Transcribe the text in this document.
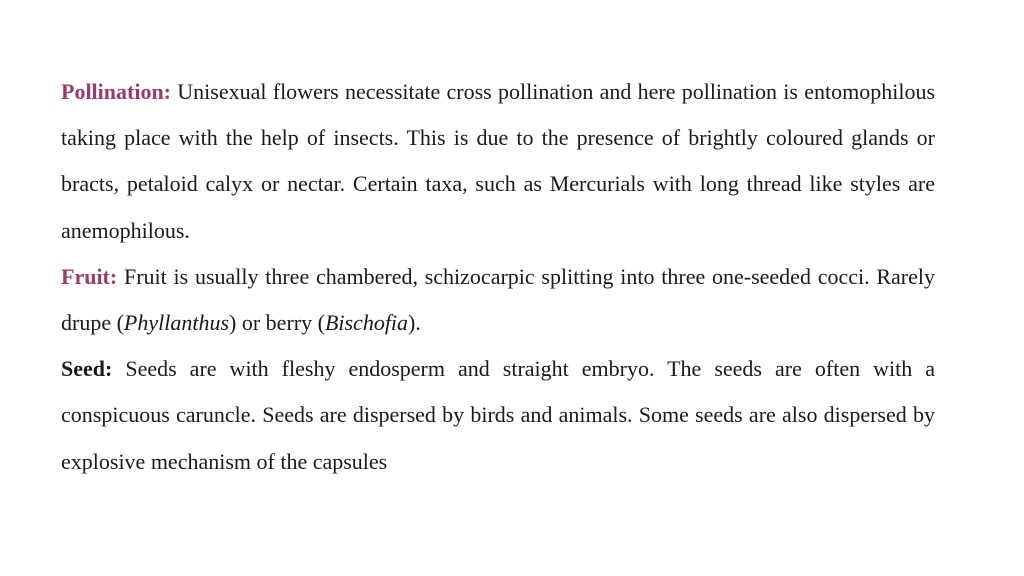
Pollination: Unisexual flowers necessitate cross pollination and here pollination is entomophilous taking place with the help of insects. This is due to the presence of brightly coloured glands or bracts, petaloid calyx or nectar. Certain taxa, such as Mercurials with long thread like styles are anemophilous.

Fruit: Fruit is usually three chambered, schizocarpic splitting into three one-seeded cocci. Rarely drupe (Phyllanthus) or berry (Bischofia).

Seed: Seeds are with fleshy endosperm and straight embryo. The seeds are often with a conspicuous caruncle. Seeds are dispersed by birds and animals. Some seeds are also dispersed by explosive mechanism of the capsules
